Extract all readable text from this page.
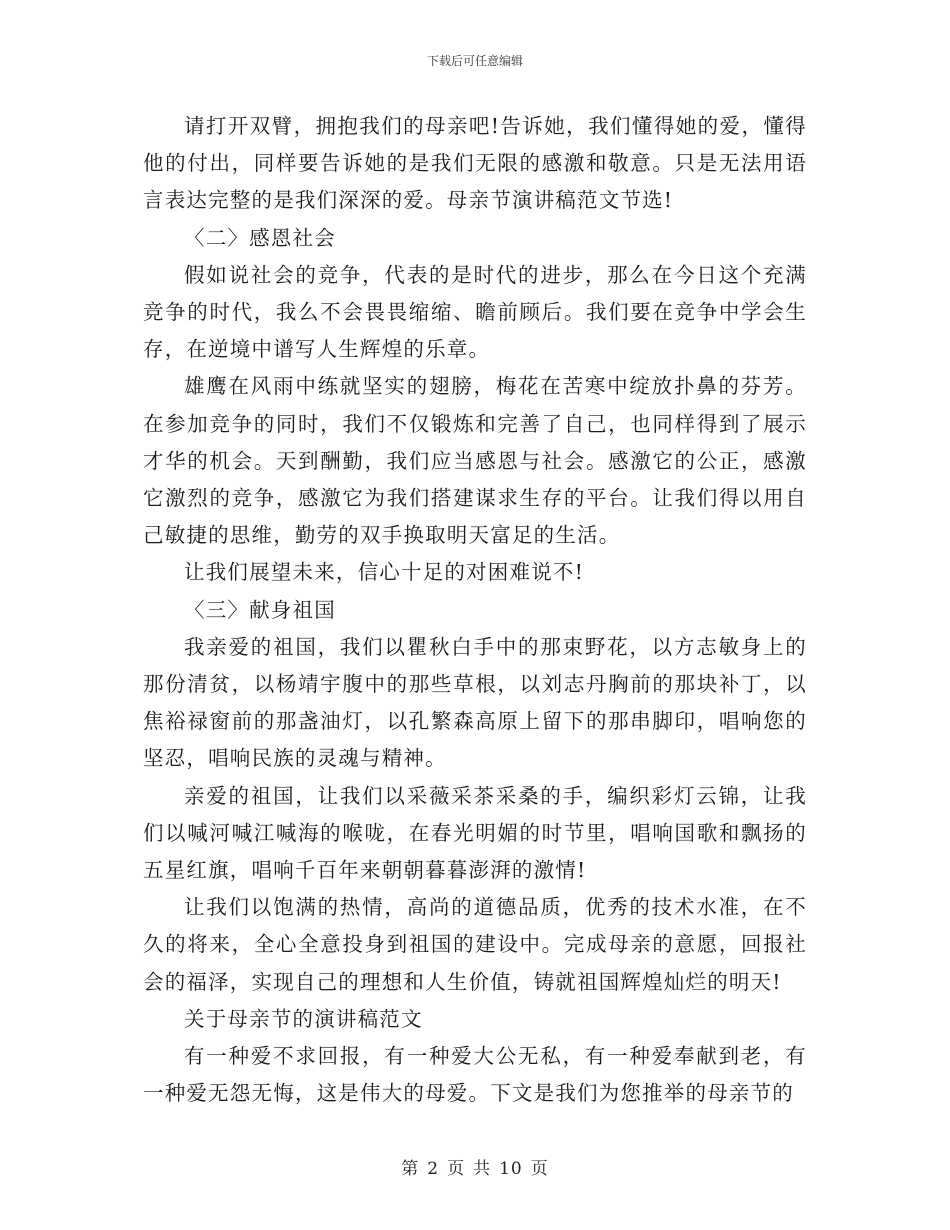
下载后可任意编辑

请打开双臂，拥抱我们的母亲吧!告诉她，我们懂得她的爱，懂得他的付出，同样要告诉她的是我们无限的感激和敬意。只是无法用语言表达完整的是我们深深的爱。母亲节演讲稿范文节选!

〈二〉感恩社会

假如说社会的竞争，代表的是时代的进步，那么在今日这个充满竞争的时代，我么不会畏畏缩缩、瞻前顾后。我们要在竞争中学会生存，在逆境中谱写人生辉煌的乐章。

雄鹰在风雨中练就坚实的翅膀，梅花在苦寒中绽放扑鼻的芬芳。在参加竞争的同时，我们不仅锻炼和完善了自己，也同样得到了展示才华的机会。天到酬勤，我们应当感恩与社会。感激它的公正，感激它激烈的竞争，感激它为我们搭建谋求生存的平台。让我们得以用自己敏捷的思维，勤劳的双手换取明天富足的生活。

让我们展望未来，信心十足的对困难说不!

〈三〉献身祖国

我亲爱的祖国，我们以瞿秋白手中的那束野花，以方志敏身上的那份清贫，以杨靖宇腹中的那些草根，以刘志丹胸前的那块补丁，以焦裕禄窗前的那盏油灯，以孔繁森高原上留下的那串脚印，唱响您的坚忍，唱响民族的灵魂与精神。

亲爱的祖国，让我们以采薇采茶采桑的手，编织彩灯云锦，让我们以喊河喊江喊海的喉咙，在春光明媚的时节里，唱响国歌和飘扬的五星红旗，唱响千百年来朝朝暮暮澎湃的激情!

让我们以饱满的热情，高尚的道德品质，优秀的技术水准，在不久的将来，全心全意投身到祖国的建设中。完成母亲的意愿，回报社会的福泽，实现自己的理想和人生价值，铸就祖国辉煌灿烂的明天!

关于母亲节的演讲稿范文

有一种爱不求回报，有一种爱大公无私，有一种爱奉献到老，有一种爱无怨无悔，这是伟大的母爱。下文是我们为您推举的母亲节的

第 2 页 共 10 页
